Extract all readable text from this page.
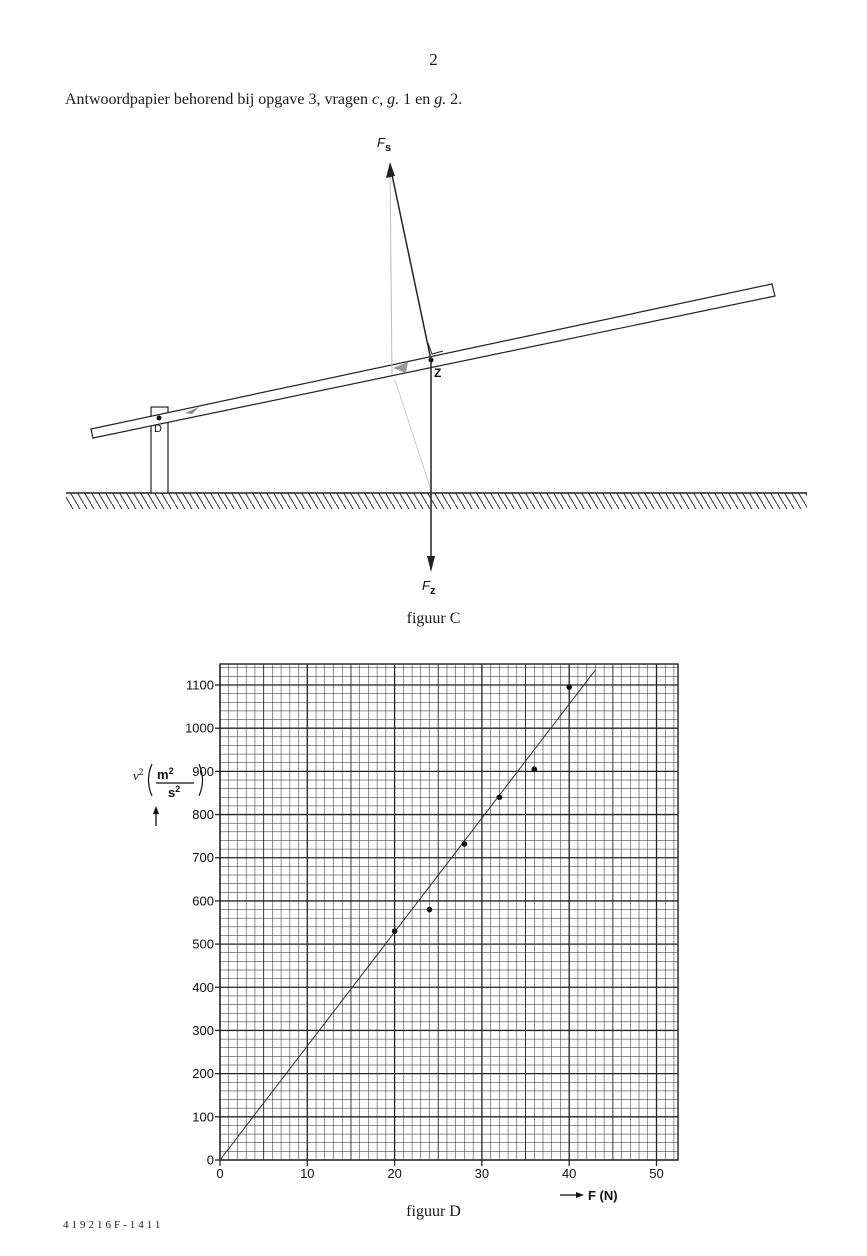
2
Antwoordpapier behorend bij opgave 3, vragen c, g. 1 en g. 2.
$F_s$
$F_z$
Z
D
figuur C
0	10	20	30	40	50
0
100
200
300
400
500
600
700
800
900
1000
1100
$v^2$ $m^2$
$s^2$
F (N)
figuur D
419216F-1411
